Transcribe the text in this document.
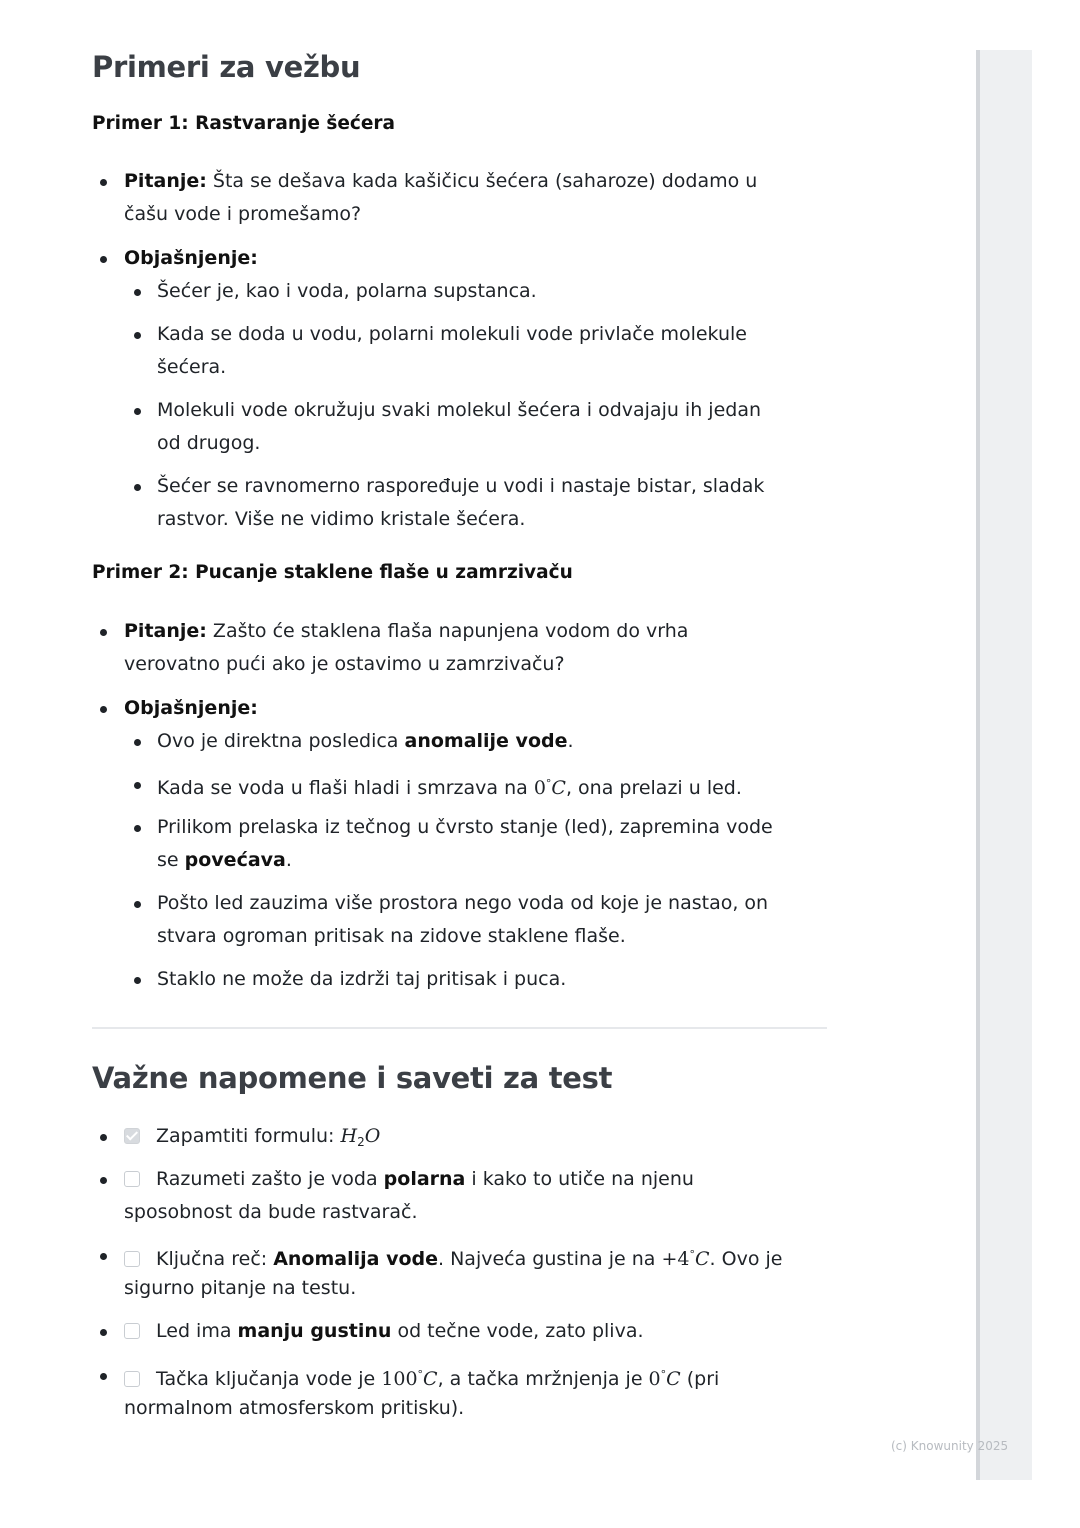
Primeri za vežbu
Primer 1: Rastvaranje šećera
Pitanje: Šta se dešava kada kašičicu šećera (saharoze) dodamo u
čašu vode i promešamo?
Objašnjenje:
Šećer je, kao i voda, polarna supstanca.
Kada se doda u vodu, polarni molekuli vode privlače molekule
šećera.
Molekuli vode okružuju svaki molekul šećera i odvajaju ih jedan
od drugog.
Šećer se ravnomerno raspoređuje u vodi i nastaje bistar, sladak
rastvor. Više ne vidimo kristale šećera.
Primer 2: Pucanje staklene flaše u zamrzivaču
Pitanje: Zašto će staklena flaša napunjena vodom do vrha
verovatno pući ako je ostavimo u zamrzivaču?
Objašnjenje:
Ovo je direktna posledica anomalije vode.
Kada se voda u flaši hladi i smrzava na 0°C, ona prelazi u led.
Prilikom prelaska iz tečnog u čvrsto stanje (led), zapremina vode
se povećava.
Pošto led zauzima više prostora nego voda od koje je nastao, on
stvara ogroman pritisak na zidove staklene flaše.
Staklo ne može da izdrži taj pritisak i puca.
Važne napomene i saveti za test
Zapamtiti formulu: $H_2O$
Razumeti zašto je voda polarna i kako to utiče na njenu
sposobnost da bude rastvarač.
Ključna reč: Anomalija vode. Najveća gustina je na +4°C. Ovo je
sigurno pitanje na testu.
Led ima manju gustinu od tečne vode, zato pliva.
Tačka ključanja vode je 100°C, a tačka mržnjenja je 0°C (pri
normalnom atmosferskom pritisku).
(c) Knowunity 2025
